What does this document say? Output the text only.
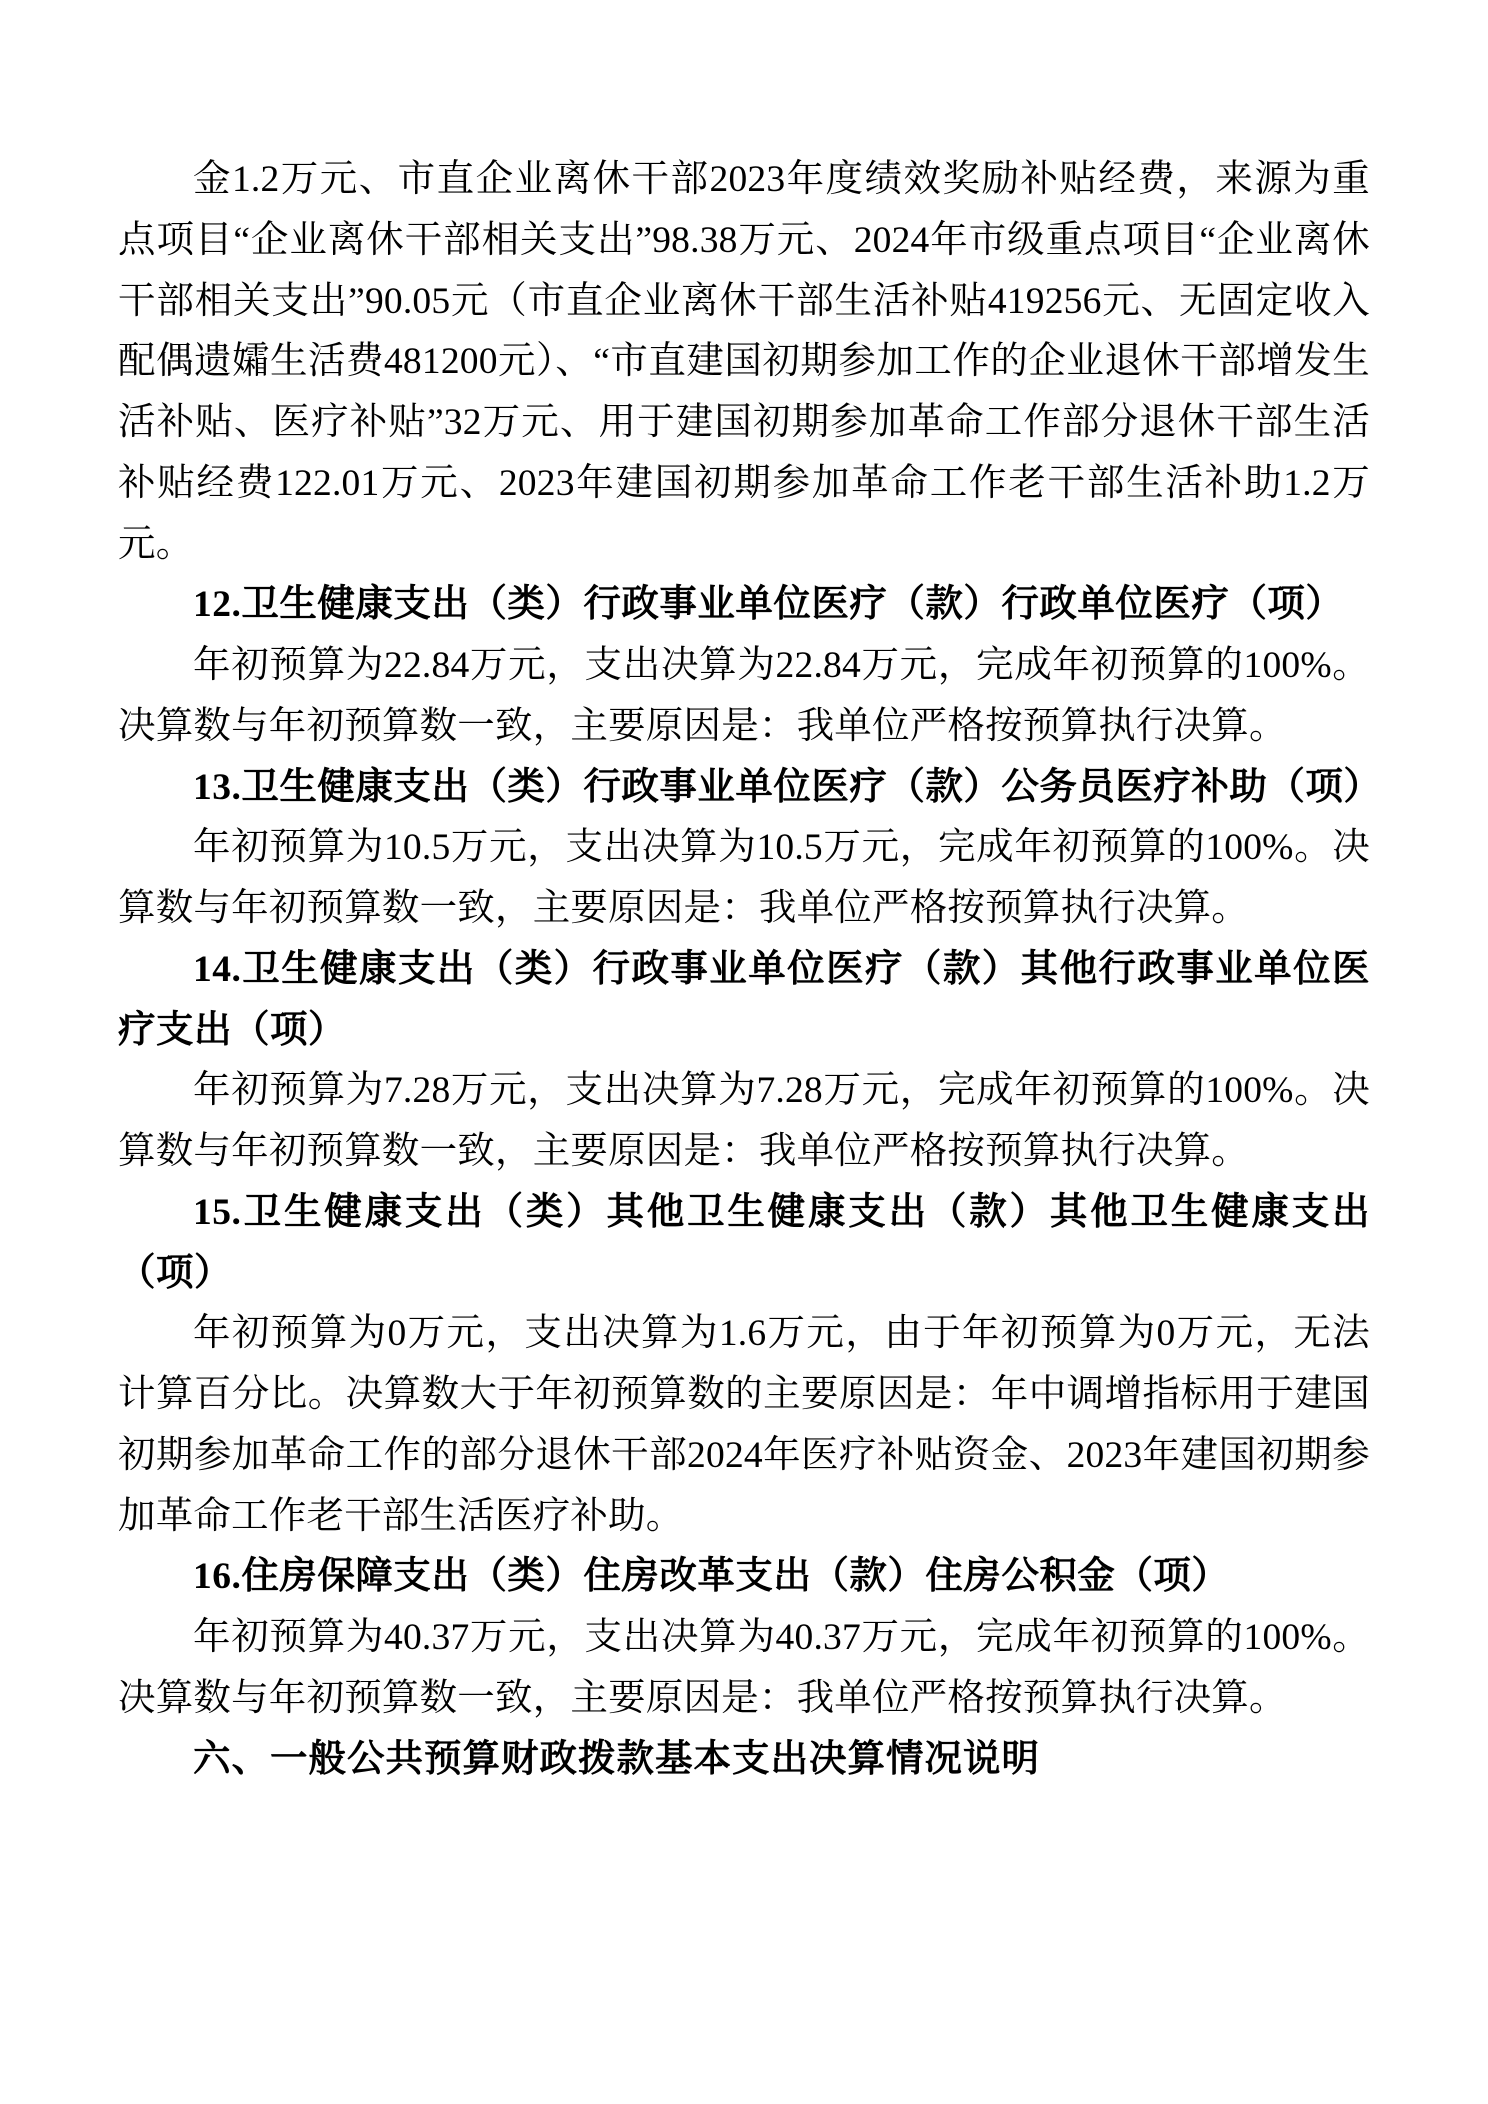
金1.2万元、市直企业离休干部2023年度绩效奖励补贴经费，来源为重点项目“企业离休干部相关支出”98.38万元、2024年市级重点项目“企业离休干部相关支出”90.05元（市直企业离休干部生活补贴419256元、无固定收入配偶遗孀生活费481200元）、“市直建国初期参加工作的企业退休干部增发生活补贴、医疗补贴”32万元、用于建国初期参加革命工作部分退休干部生活补贴经费122.01万元、2023年建国初期参加革命工作老干部生活补助1.2万元。

12.卫生健康支出（类）行政事业单位医疗（款）行政单位医疗（项）

年初预算为22.84万元，支出决算为22.84万元，完成年初预算的100%。决算数与年初预算数一致，主要原因是：我单位严格按预算执行决算。

13.卫生健康支出（类）行政事业单位医疗（款）公务员医疗补助（项）

年初预算为10.5万元，支出决算为10.5万元，完成年初预算的100%。决算数与年初预算数一致，主要原因是：我单位严格按预算执行决算。

14.卫生健康支出（类）行政事业单位医疗（款）其他行政事业单位医疗支出（项）

年初预算为7.28万元，支出决算为7.28万元，完成年初预算的100%。决算数与年初预算数一致，主要原因是：我单位严格按预算执行决算。

15.卫生健康支出（类）其他卫生健康支出（款）其他卫生健康支出（项）

年初预算为0万元，支出决算为1.6万元，由于年初预算为0万元，无法计算百分比。决算数大于年初预算数的主要原因是：年中调增指标用于建国初期参加革命工作的部分退休干部2024年医疗补贴资金、2023年建国初期参加革命工作老干部生活医疗补助。

16.住房保障支出（类）住房改革支出（款）住房公积金（项）

年初预算为40.37万元，支出决算为40.37万元，完成年初预算的100%。决算数与年初预算数一致，主要原因是：我单位严格按预算执行决算。

六、一般公共预算财政拨款基本支出决算情况说明
